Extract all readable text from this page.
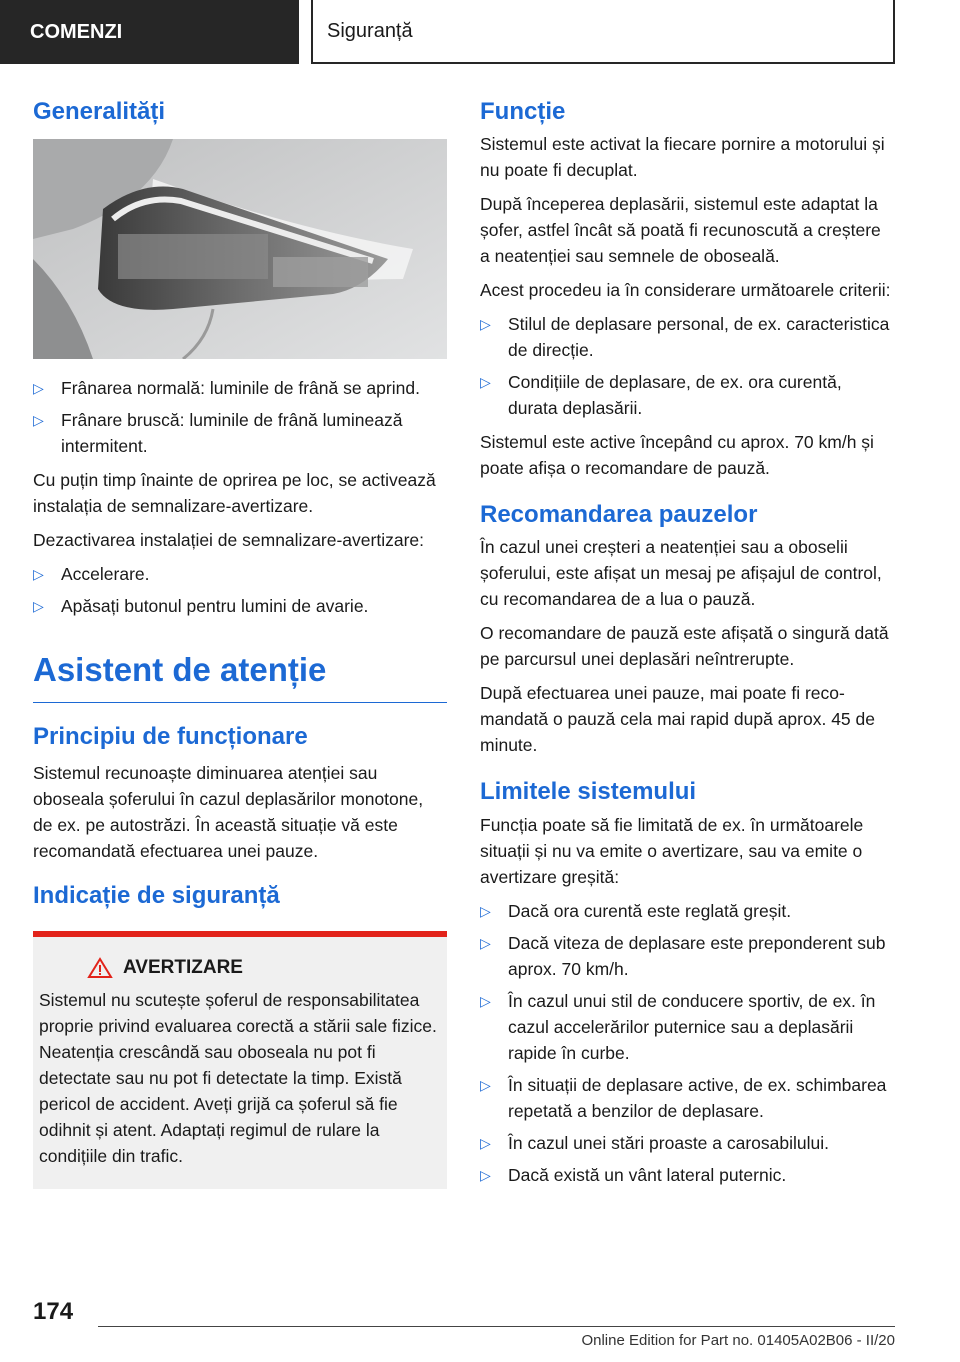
COMENZI	Siguranță
Generalități
▷ Frânarea normală: luminile de frână se aprind.
▷ Frânare bruscă: luminile de frână luminează intermitent.

Cu puțin timp înainte de oprirea pe loc, se activează instalația de semnalizare-avertizare.

Dezactivarea instalației de semnalizare-avertizare:

▷ Accelerare.
▷ Apăsați butonul pentru lumini de avarie.
Asistent de atenție
Principiu de funcționare

Sistemul recunoaște diminuarea atenției sau oboseala șoferului în cazul deplasărilor monotone, de ex. pe autostrăzi. În această situație vă este recomandată efectuarea unei pauze.

Indicație de siguranță
AVERTIZARE

Sistemul nu scutește șoferul de responsabilitatea proprie privind evaluarea corectă a stării sale fizice. Neatenția crescândă sau oboseala nu pot fi detectate sau nu pot fi detectate la timp. Există pericol de accident. Aveți grijă ca șoferul să fie odihnit și atent. Adaptați regimul de rulare la condițiile din trafic.

Funcție

Sistemul este activat la fiecare pornire a motorului și nu poate fi decuplat.

După începerea deplasării, sistemul este adaptat la șofer, astfel încât să poată fi recunoscută a creștere a neatenției sau semnele de oboseală.

Acest procedeu ia în considerare următoarele criterii:

▷ Stilul de deplasare personal, de ex. caracteristica de direcție.
▷ Condițiile de deplasare, de ex. ora curentă, durata deplasării.

Sistemul este active începând cu aprox. 70 km/h și poate afișa o recomandare de pauză.

Recomandarea pauzelor

În cazul unei creșteri a neatenției sau a oboselii șoferului, este afișat un mesaj pe afișajul de control, cu recomandarea de a lua o pauză.

O recomandare de pauză este afișată o singură dată pe parcursul unei deplasări neîntrerupte.

După efectuarea unei pauze, mai poate fi recomandată o pauză cela mai rapid după aprox. 45 de minute.

Limitele sistemului

Funcția poate să fie limitată de ex. în următoarele situații și nu va emite o avertizare, sau va emite o avertizare greșită:

▷ Dacă ora curentă este reglată greșit.
▷ Dacă viteza de deplasare este preponderent sub aprox. 70 km/h.
▷ În cazul unui stil de conducere sportiv, de ex. în cazul accelerărilor puternice sau a deplasării rapide în curbe.
▷ În situații de deplasare active, de ex. schimbarea repetată a benzilor de deplasare.
▷ În cazul unei stări proaste a carosabilului.
▷ Dacă există un vânt lateral puternic.
174
Online Edition for Part no. 01405A02B06 - II/20
